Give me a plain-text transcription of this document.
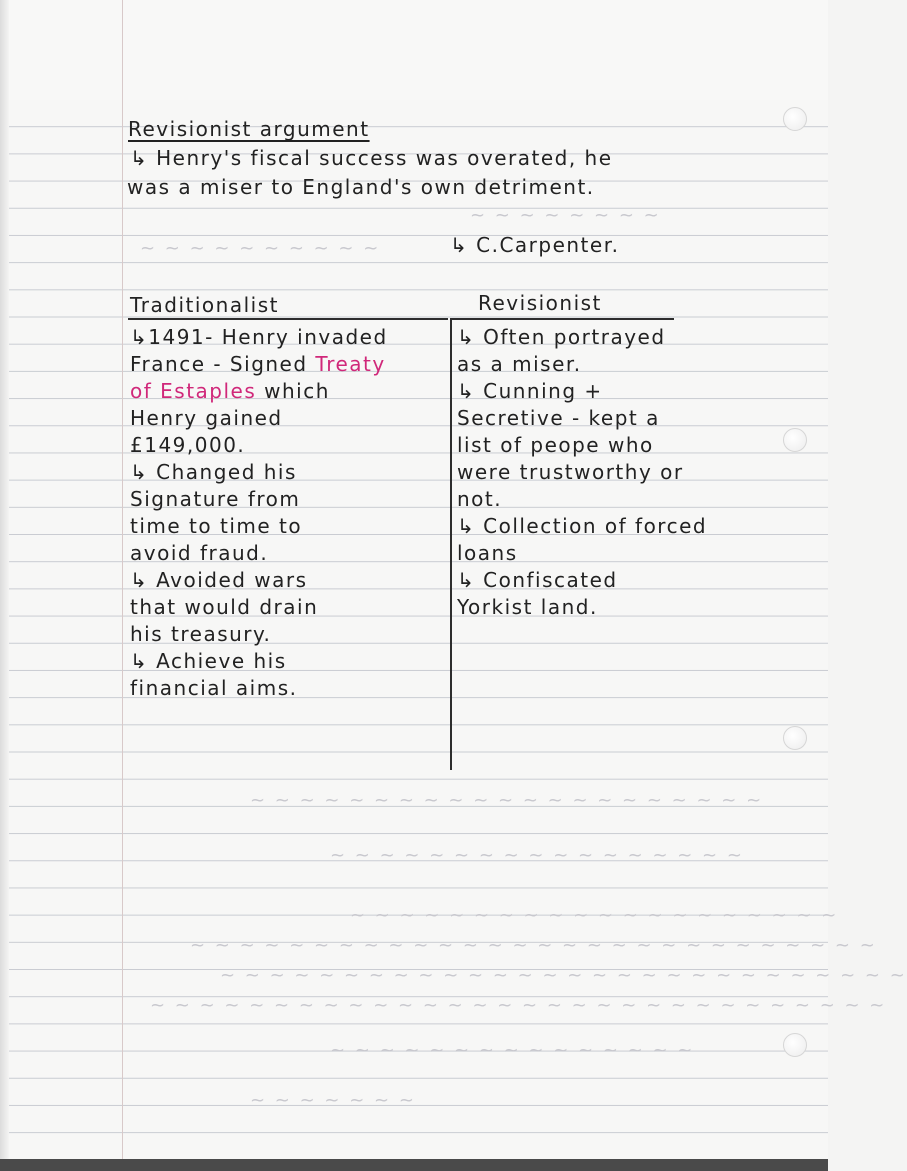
~ ~ ~ ~ ~ ~ ~ ~
~ ~ ~ ~ ~ ~ ~ ~ ~ ~
~ ~ ~ ~ ~ ~ ~ ~ ~ ~ ~ ~ ~ ~ ~ ~ ~ ~ ~ ~ ~
~ ~ ~ ~ ~ ~ ~ ~ ~ ~ ~ ~ ~ ~ ~ ~ ~
~ ~ ~ ~ ~ ~ ~ ~ ~ ~ ~ ~ ~ ~ ~ ~ ~ ~ ~ ~
~ ~ ~ ~ ~ ~ ~ ~ ~ ~ ~ ~ ~ ~ ~ ~ ~ ~ ~ ~ ~ ~ ~ ~ ~ ~ ~ ~
~ ~ ~ ~ ~ ~ ~ ~ ~ ~ ~ ~ ~ ~ ~ ~ ~ ~ ~ ~ ~ ~ ~ ~ ~ ~ ~ ~
~ ~ ~ ~ ~ ~ ~ ~ ~ ~ ~ ~ ~ ~ ~ ~ ~ ~ ~ ~ ~ ~ ~ ~ ~ ~ ~ ~ ~ ~
~ ~ ~ ~ ~ ~ ~ ~ ~ ~ ~ ~ ~ ~ ~
~ ~ ~ ~ ~ ~ ~
Revisionist argument
↳ Henry's fiscal success was overated, he
was a miser to England's own detriment.
↳ C.Carpenter.
Traditionalist	Revisionist
↳1491- Henry invaded
France - Signed Treaty
of Estaples which
Henry gained
£149,000.
↳ Changed his
Signature from
time to time to
avoid fraud.
↳ Avoided wars
that would drain
his treasury.
↳ Achieve his
financial aims.
↳ Often portrayed
as a miser.
↳ Cunning +
Secretive - kept a
list of peope who
were trustworthy or
not.
↳ Collection of forced
loans
↳ Confiscated
Yorkist land.
